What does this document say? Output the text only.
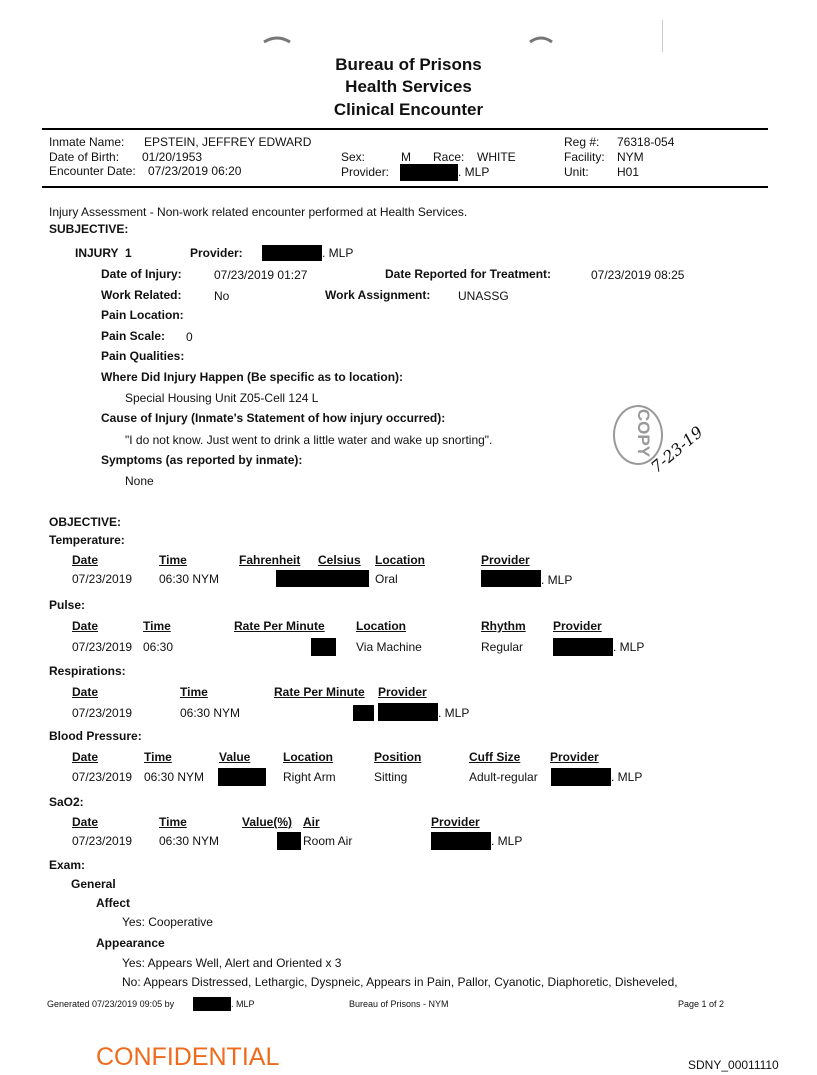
Bureau of Prisons
Health Services
Clinical Encounter
Inmate Name: EPSTEIN, JEFFREY EDWARD
Date of Birth: 01/20/1953
Encounter Date: 07/23/2019 06:20
Sex:	M Race: WHITE
Provider:	. MLP
Reg #: 76318-054
Facility: NYM
Unit: H01
Injury Assessment - Non-work related encounter performed at Health Services.
SUBJECTIVE:
INJURY  1	Provider:	. MLP
Date of Injury:	07/23/2019 01:27	Date Reported for Treatment:	07/23/2019 08:25
Work Related:	No	Work Assignment: UNASSG
Pain Location:
Pain Scale: 0
Pain Qualities:
Where Did Injury Happen (Be specific as to location):
Special Housing Unit Z05-Cell 124 L
Cause of Injury (Inmate's Statement of how injury occurred):
"I do not know. Just went to drink a little water and wake up snorting".
Symptoms (as reported by inmate):
None
COPY
7-23-19
OBJECTIVE:
Temperature:
Date	Time	Fahrenheit Celsius Location	Provider
07/23/2019 06:30 NYM	Oral	. MLP
Pulse:
Date	Time	Rate Per Minute	Location	Rhythm Provider
07/23/2019 06:30	Via Machine	Regular	. MLP
Respirations:
Date	Time	Rate Per Minute Provider
07/23/2019	06:30 NYM	. MLP
Blood Pressure:
Date	Time	Value	Location	Position	Cuff Size Provider
07/23/2019 06:30 NYM	Right Arm	Sitting	Adult-regular	. MLP
SaO2:
Date	Time	Value(%) Air	Provider
07/23/2019 06:30 NYM	Room Air	. MLP
Exam:
General
Affect
Yes: Cooperative
Appearance
Yes: Appears Well, Alert and Oriented x 3
No: Appears Distressed, Lethargic, Dyspneic, Appears in Pain, Pallor, Cyanotic, Diaphoretic, Disheveled,
Generated 07/23/2019 09:05 by	. MLP	Bureau of Prisons - NYM	Page 1 of 2
CONFIDENTIAL	SDNY_00011110
